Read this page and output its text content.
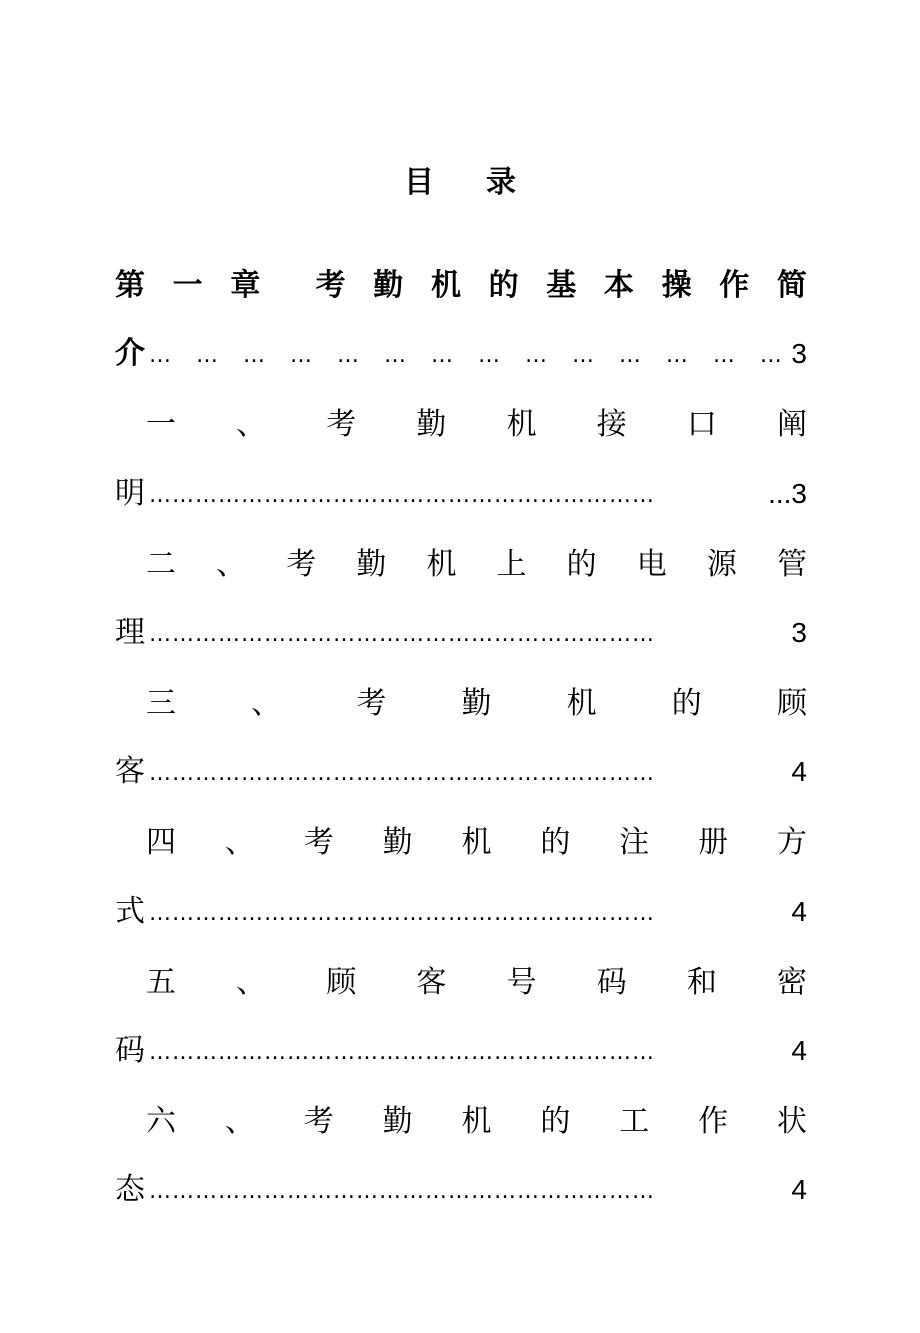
目 录
第 一 章 考 勤 机 的 基 本 操 作 简
介 … … … … … … … … … … … … … … 3
一 、 考 勤 机 接 口 阐
明 …………………………………………………………	...3
二 、 考 勤 机 上 的 电 源 管
理 …………………………………………………………	3
三	、	考	勤	机	的	顾
客 …………………………………………………………	4
四 、 考 勤 机 的 注 册 方
式 …………………………………………………………	4
五 、 顾 客 号 码 和 密
码 …………………………………………………………	4
六 、 考 勤 机 的 工 作 状
态 …………………………………………………………	4
